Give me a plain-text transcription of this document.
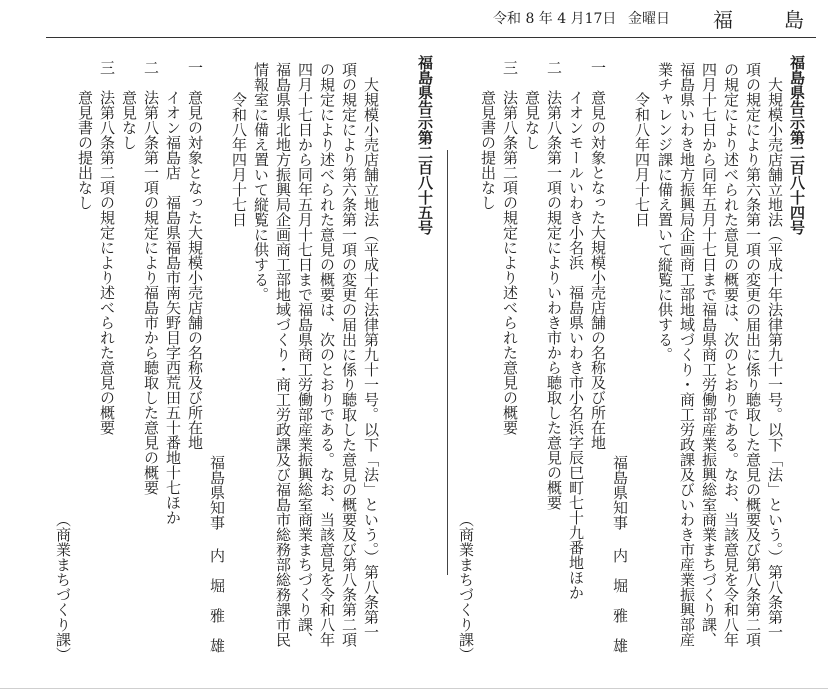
令和 8 年 4 月17日 金曜日 福	島
福島県告示第二百八十四号
大規模小売店舗立地法（平成十年法律第九十一号。以下「法」という。）第八条第一
項の規定により第六条第一項の変更の届出に係り聴取した意見の概要及び第八条第二項
の規定により述べられた意見の概要は、次のとおりである。なお、当該意見を令和八年
四月十七日から同年五月十七日まで福島県商工労働部産業振興総室商業まちづくり課、
福島県いわき地方振興局企画商工部地域づくり・商工労政課及びいわき市産業振興部産
業チャレンジ課に備え置いて縦覧に供する。
令和八年四月十七日
福島県知事
内　堀　雅　雄
一
意見の対象となった大規模小売店舗の名称及び所在地
イオンモールいわき小名浜　福島県いわき市小名浜字辰巳町七十九番地ほか
二
法第八条第一項の規定によりいわき市から聴取した意見の概要
意見なし
三
法第八条第二項の規定により述べられた意見の概要
意見書の提出なし
（商業まちづくり課）
福島県告示第二百八十五号
大規模小売店舗立地法（平成十年法律第九十一号。以下「法」という。）第八条第一
項の規定により第六条第一項の変更の届出に係り聴取した意見の概要及び第八条第二項
の規定により述べられた意見の概要は、次のとおりである。なお、当該意見を令和八年
四月十七日から同年五月十七日まで福島県商工労働部産業振興総室商業まちづくり課、
福島県県北地方振興局企画商工部地域づくり・商工労政課及び福島市総務部総務課市民
情報室に備え置いて縦覧に供する。
令和八年四月十七日
福島県知事
内　堀　雅　雄
一
意見の対象となった大規模小売店舗の名称及び所在地
イオン福島店　福島県福島市南矢野目字西荒田五十番地十七ほか
二
法第八条第一項の規定により福島市から聴取した意見の概要
意見なし
三
法第八条第二項の規定により述べられた意見の概要
意見書の提出なし
（商業まちづくり課）
